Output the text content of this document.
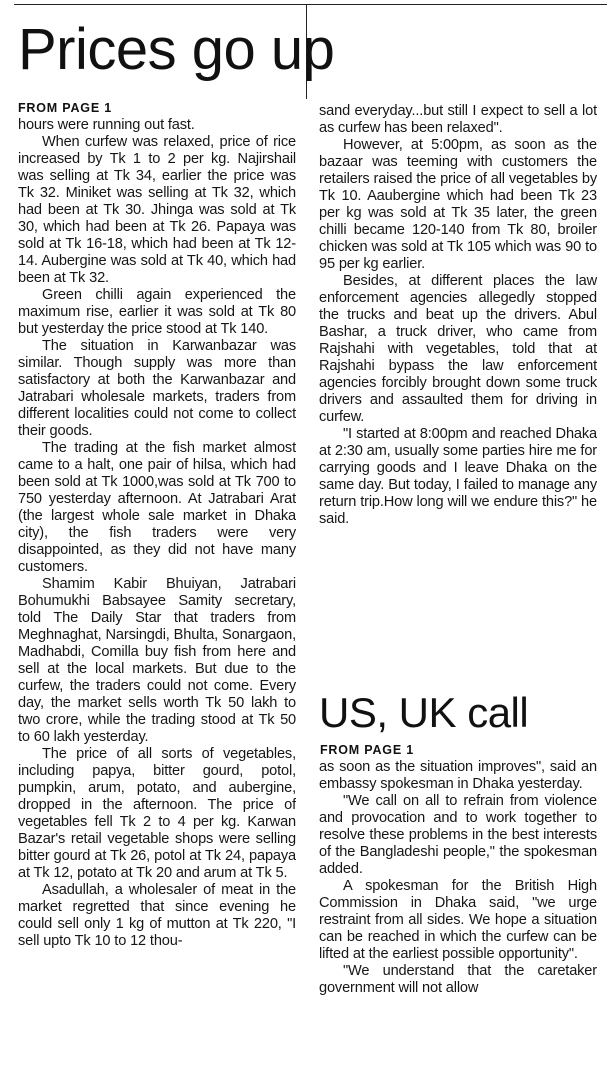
Prices go up
FROM PAGE 1

hours were running out fast.

When curfew was relaxed, price of rice increased by Tk 1 to 2 per kg. Najirshail was selling at Tk 34, earlier the price was Tk 32. Miniket was selling at Tk 32, which had been at Tk 30. Jhinga was sold at Tk 30, which had been at Tk 26. Papaya was sold at Tk 16-18, which had been at Tk 12-14. Aubergine was sold at Tk 40, which had been at Tk 32.

Green chilli again experienced the maximum rise, earlier it was sold at Tk 80 but yesterday the price stood at Tk 140.

The situation in Karwanbazar was similar. Though supply was more than satisfactory at both the Karwanbazar and Jatrabari wholesale markets, traders from different localities could not come to collect their goods.

The trading at the fish market almost came to a halt, one pair of hilsa, which had been sold at Tk 1000,was sold at Tk 700 to 750 yesterday afternoon. At Jatrabari Arat (the largest whole sale market in Dhaka city), the fish traders were very disappointed, as they did not have many customers.

Shamim Kabir Bhuiyan, Jatrabari Bohumukhi Babsayee Samity secretary, told The Daily Star that traders from Meghnaghat, Narsingdi, Bhulta, Sonargaon, Madhabdi, Comilla buy fish from here and sell at the local markets. But due to the curfew, the traders could not come. Every day, the market sells worth Tk 50 lakh to two crore, while the trading stood at Tk 50 to 60 lakh yesterday.

The price of all sorts of vegetables, including papya, bitter gourd, potol, pumpkin, arum, potato, and aubergine, dropped in the afternoon. The price of vegetables fell Tk 2 to 4 per kg. Karwan Bazar's retail vegetable shops were selling bitter gourd at Tk 26, potol at Tk 24, papaya at Tk 12, potato at Tk 20 and arum at Tk 5.

Asadullah, a wholesaler of meat in the market regretted that since evening he could sell only 1 kg of mutton at Tk 220, "I sell upto Tk 10 to 12 thou-

sand everyday...but still I expect to sell a lot as curfew has been relaxed".

However, at 5:00pm, as soon as the bazaar was teeming with customers the retailers raised the price of all vegetables by Tk 10. Aaubergine which had been Tk 23 per kg was sold at Tk 35 later, the green chilli became 120-140 from Tk 80, broiler chicken was sold at Tk 105 which was 90 to 95 per kg earlier.

Besides, at different places the law enforcement agencies allegedly stopped the trucks and beat up the drivers. Abul Bashar, a truck driver, who came from Rajshahi with vegetables, told that at Rajshahi bypass the law enforcement agencies forcibly brought down some truck drivers and assaulted them for driving in curfew.

"I started at 8:00pm and reached Dhaka at 2:30 am, usually some parties hire me for carrying goods and I leave Dhaka on the same day. But today, I failed to manage any return trip.How long will we endure this?" he said.

US, UK call
FROM PAGE 1

as soon as the situation improves", said an embassy spokesman in Dhaka yesterday.

"We call on all to refrain from violence and provocation and to work together to resolve these problems in the best interests of the Bangladeshi people," the spokesman added.

A spokesman for the British High Commission in Dhaka said, "we urge restraint from all sides. We hope a situation can be reached in which the curfew can be lifted at the earliest possible opportunity".

"We understand that the caretaker government will not allow
